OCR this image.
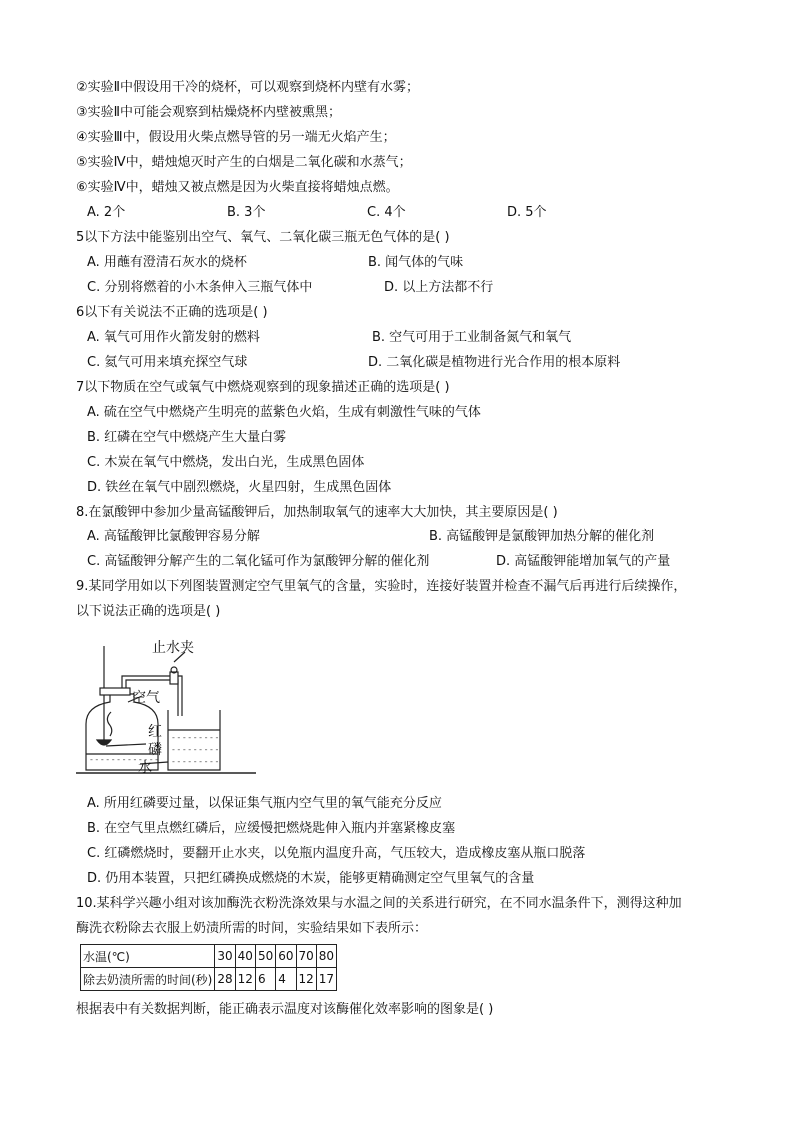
②实验Ⅱ中假设用干冷的烧杯，可以观察到烧杯内壁有水雾；
③实验Ⅱ中可能会观察到枯燥烧杯内壁被熏黑；
④实验Ⅲ中，假设用火柴点燃导管的另一端无火焰产生；
⑤实验Ⅳ中，蜡烛熄灭时产生的白烟是二氧化碳和水蒸气；
⑥实验Ⅳ中，蜡烛又被点燃是因为火柴直接将蜡烛点燃。
A. 2个	B. 3个	C. 4个	D. 5个
5以下方法中能鉴别出空气、氧气、二氧化碳三瓶无色气体的是( )
A. 用蘸有澄清石灰水的烧杯	B. 闻气体的气味
C. 分别将燃着的小木条伸入三瓶气体中	D. 以上方法都不行
6以下有关说法不正确的选项是( )
A. 氧气可用作火箭发射的燃料	B. 空气可用于工业制备氮气和氧气
C. 氦气可用来填充探空气球	D. 二氧化碳是植物进行光合作用的根本原料
7以下物质在空气或氧气中燃烧观察到的现象描述正确的选项是( )
A. 硫在空气中燃烧产生明亮的蓝紫色火焰，生成有刺激性气味的气体
B. 红磷在空气中燃烧产生大量白雾
C. 木炭在氧气中燃烧，发出白光，生成黑色固体
D. 铁丝在氧气中剧烈燃烧，火星四射，生成黑色固体
8.在氯酸钾中参加少量高锰酸钾后，加热制取氧气的速率大大加快，其主要原因是( )
A. 高锰酸钾比氯酸钾容易分解	B. 高锰酸钾是氯酸钾加热分解的催化剂
C. 高锰酸钾分解产生的二氧化锰可作为氯酸钾分解的催化剂	D. 高锰酸钾能增加氧气的产量
9.某同学用如以下列图装置测定空气里氧气的含量，实验时，连接好装置并检查不漏气后再进行后续操作，
以下说法正确的选项是( )
- - - - - - - - - - - - -
- - - - - - - - -
- - - - - - - - -
- - - - - - - - -
止水夹
空气
红
磷
水
A. 所用红磷要过量，以保证集气瓶内空气里的氧气能充分反应
B. 在空气里点燃红磷后，应缓慢把燃烧匙伸入瓶内并塞紧橡皮塞
C. 红磷燃烧时，要翻开止水夹，以免瓶内温度升高，气压较大，造成橡皮塞从瓶口脱落
D. 仍用本装置，只把红磷换成燃烧的木炭，能够更精确测定空气里氧气的含量
10.某科学兴趣小组对该加酶洗衣粉洗涤效果与水温之间的关系进行研究，在不同水温条件下，测得这种加
酶洗衣粉除去衣服上奶渍所需的时间，实验结果如下表所示：
水温(℃)	30	40	50	60	70	80
除去奶渍所需的时间(秒)	28	12	6	4	12	17
根据表中有关数据判断，能正确表示温度对该酶催化效率影响的图象是( )
